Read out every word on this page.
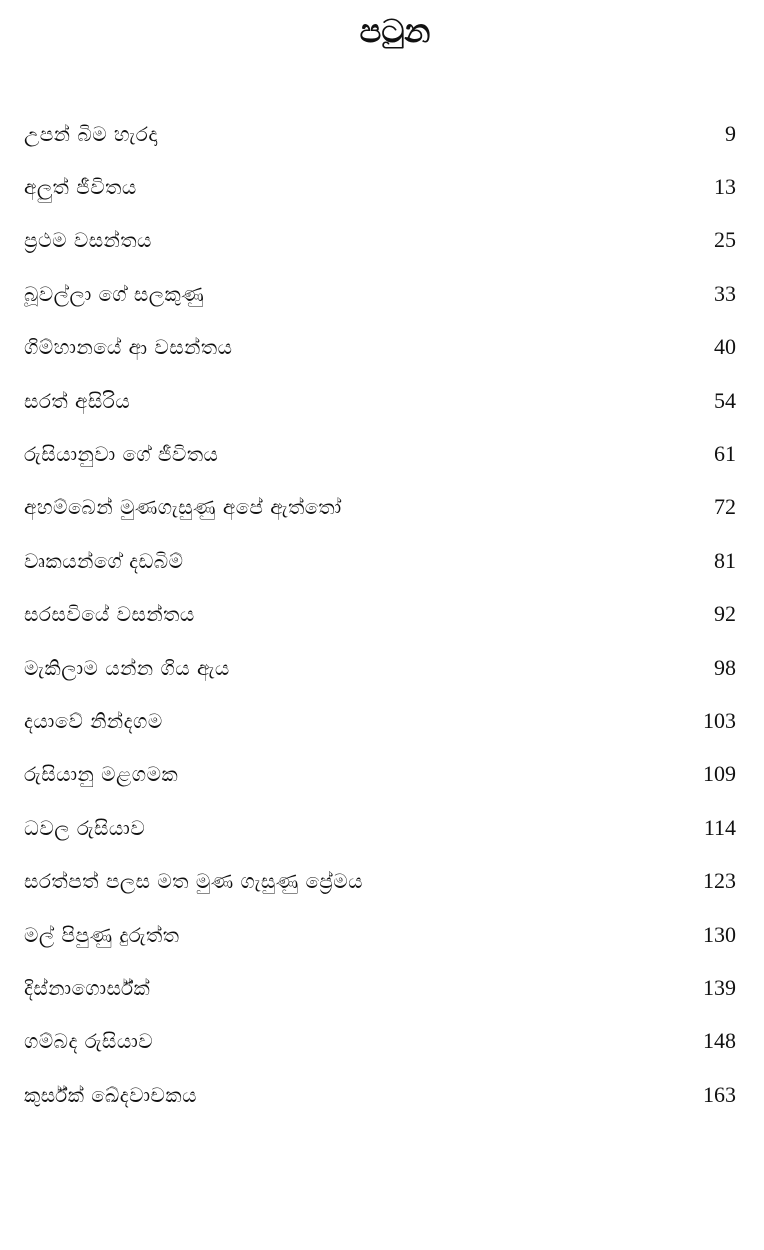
පටුන
උපන් බිම හැරදා	9
අලුත් ජීවිතය	13
ප්‍රථම වසන්තය	25
බූවල්ලා ගේ සලකුණු	33
ගිම්හානයේ ආ වසන්තය	40
සරත් අසිරිය	54
රුසියානුවා ගේ ජීවිතය	61
අහම්බෙන් මුණගැසුණු අපේ ඇත්තෝ	72
වෘකයන්ගේ දඩබිම්	81
සරසවියේ වසන්තය	92
මැකිලාම යන්න ගිය ඇය	98
දයාවේ නින්දගම	103
රුසියානු මළගමක	109
ධවල රුසියාව	114
සරත්පත් පලස මත මුණ ගැසුණු ප්‍රේමය	123
මල් පිපුණු දුරුත්ත	130
දිස්නාගොර්ස්ක්	139
ගම්බද රුසියාව	148
කුර්ස්ක් ඛේදවාචකය	163
